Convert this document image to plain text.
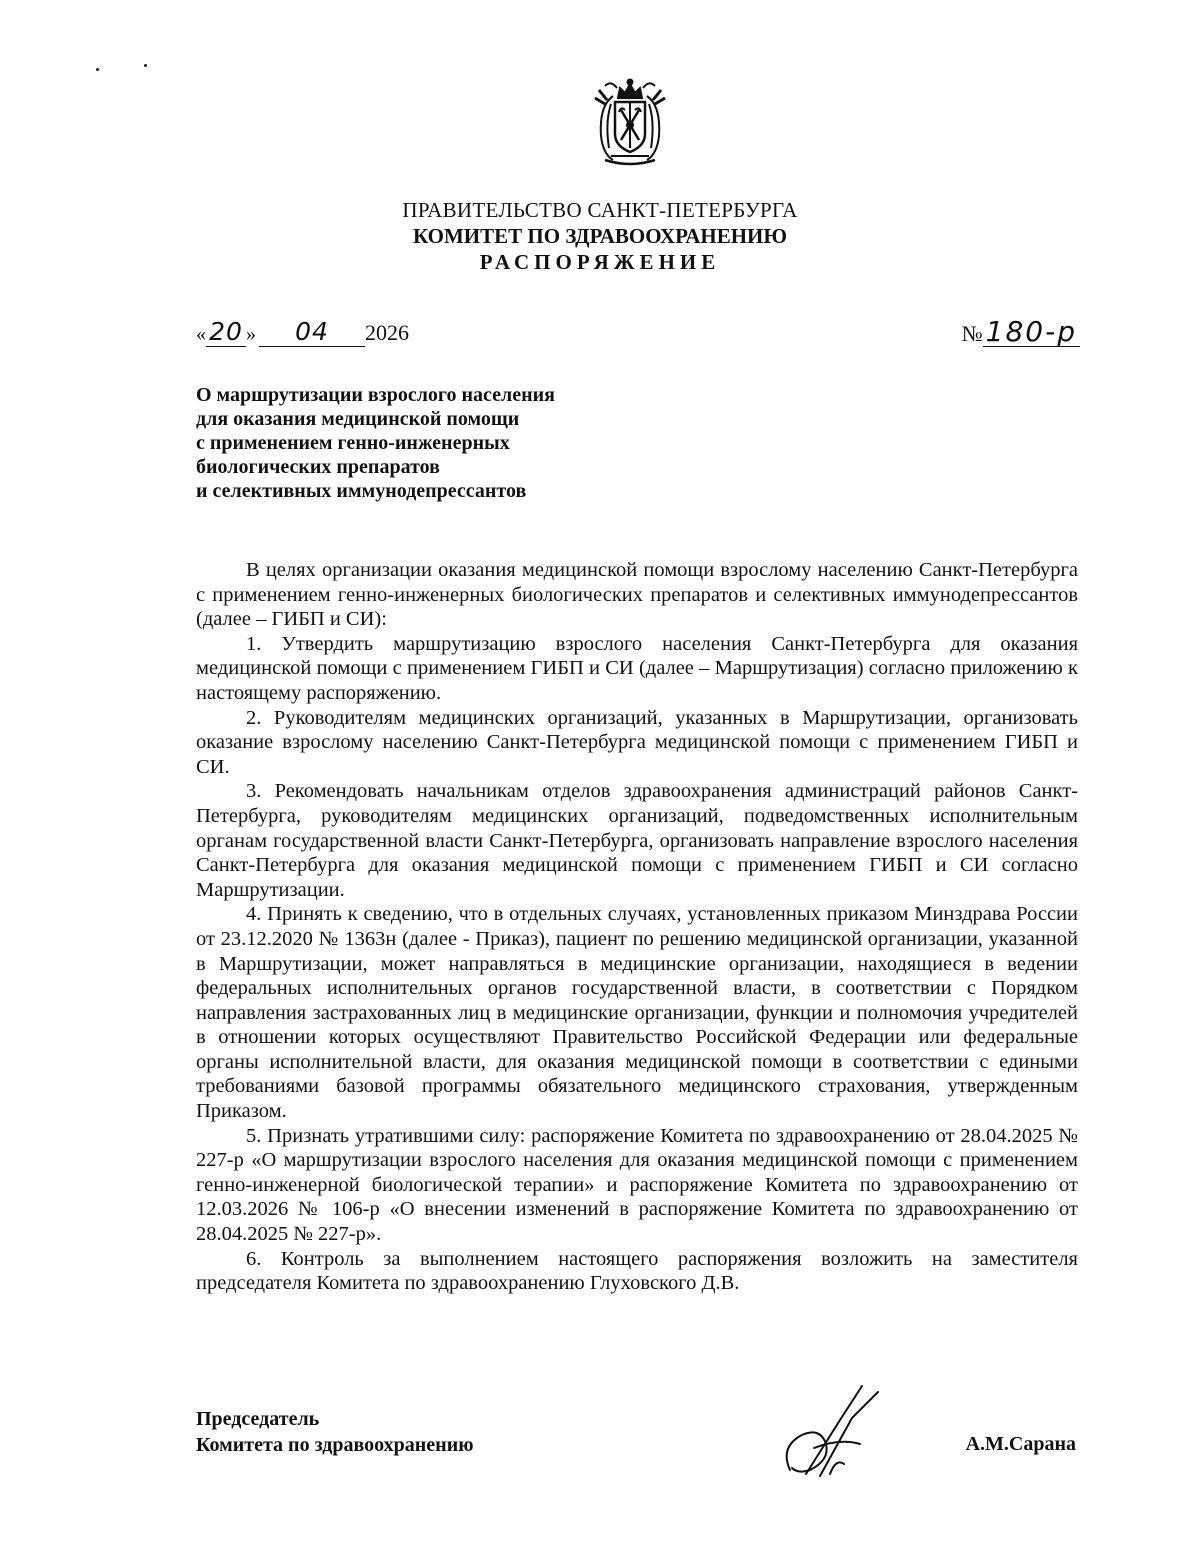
ПРАВИТЕЛЬСТВО САНКТ-ПЕТЕРБУРГА
КОМИТЕТ ПО ЗДРАВООХРАНЕНИЮ
РАСПОРЯЖЕНИЕ
« 20 » 04 2026	№ 180-р
О маршрутизации взрослого населения
для оказания медицинской помощи
с применением генно-инженерных
биологических препаратов
и селективных иммунодепрессантов

В целях организации оказания медицинской помощи взрослому населению Санкт-Петербурга с применением генно-инженерных биологических препаратов и селективных иммунодепрессантов (далее – ГИБП и СИ):

1. Утвердить маршрутизацию взрослого населения Санкт-Петербурга для оказания медицинской помощи с применением ГИБП и СИ (далее – Маршрутизация) согласно приложению к настоящему распоряжению.

2. Руководителям медицинских организаций, указанных в Маршрутизации, организовать оказание взрослому населению Санкт-Петербурга медицинской помощи с применением ГИБП и СИ.

3. Рекомендовать начальникам отделов здравоохранения администраций районов Санкт-Петербурга, руководителям медицинских организаций, подведомственных исполнительным органам государственной власти Санкт-Петербурга, организовать направление взрослого населения Санкт-Петербурга для оказания медицинской помощи с применением ГИБП и СИ согласно Маршрутизации.

4. Принять к сведению, что в отдельных случаях, установленных приказом Минздрава России от 23.12.2020 № 1363н (далее - Приказ), пациент по решению медицинской организации, указанной в Маршрутизации, может направляться в медицинские организации, находящиеся в ведении федеральных исполнительных органов государственной власти, в соответствии с Порядком направления застрахованных лиц в медицинские организации, функции и полномочия учредителей в отношении которых осуществляют Правительство Российской Федерации или федеральные органы исполнительной власти, для оказания медицинской помощи в соответствии с едиными требованиями базовой программы обязательного медицинского страхования, утвержденным Приказом.

5. Признать утратившими силу: распоряжение Комитета по здравоохранению от 28.04.2025 № 227-р «О маршрутизации взрослого населения для оказания медицинской помощи с применением генно-инженерной биологической терапии» и распоряжение Комитета по здравоохранению от 12.03.2026 № 106-р «О внесении изменений в распоряжение Комитета по здравоохранению от 28.04.2025 № 227-р».

6. Контроль за выполнением настоящего распоряжения возложить на заместителя председателя Комитета по здравоохранению Глуховского Д.В.

Председатель
Комитета по здравоохранению	А.М.Сарана
